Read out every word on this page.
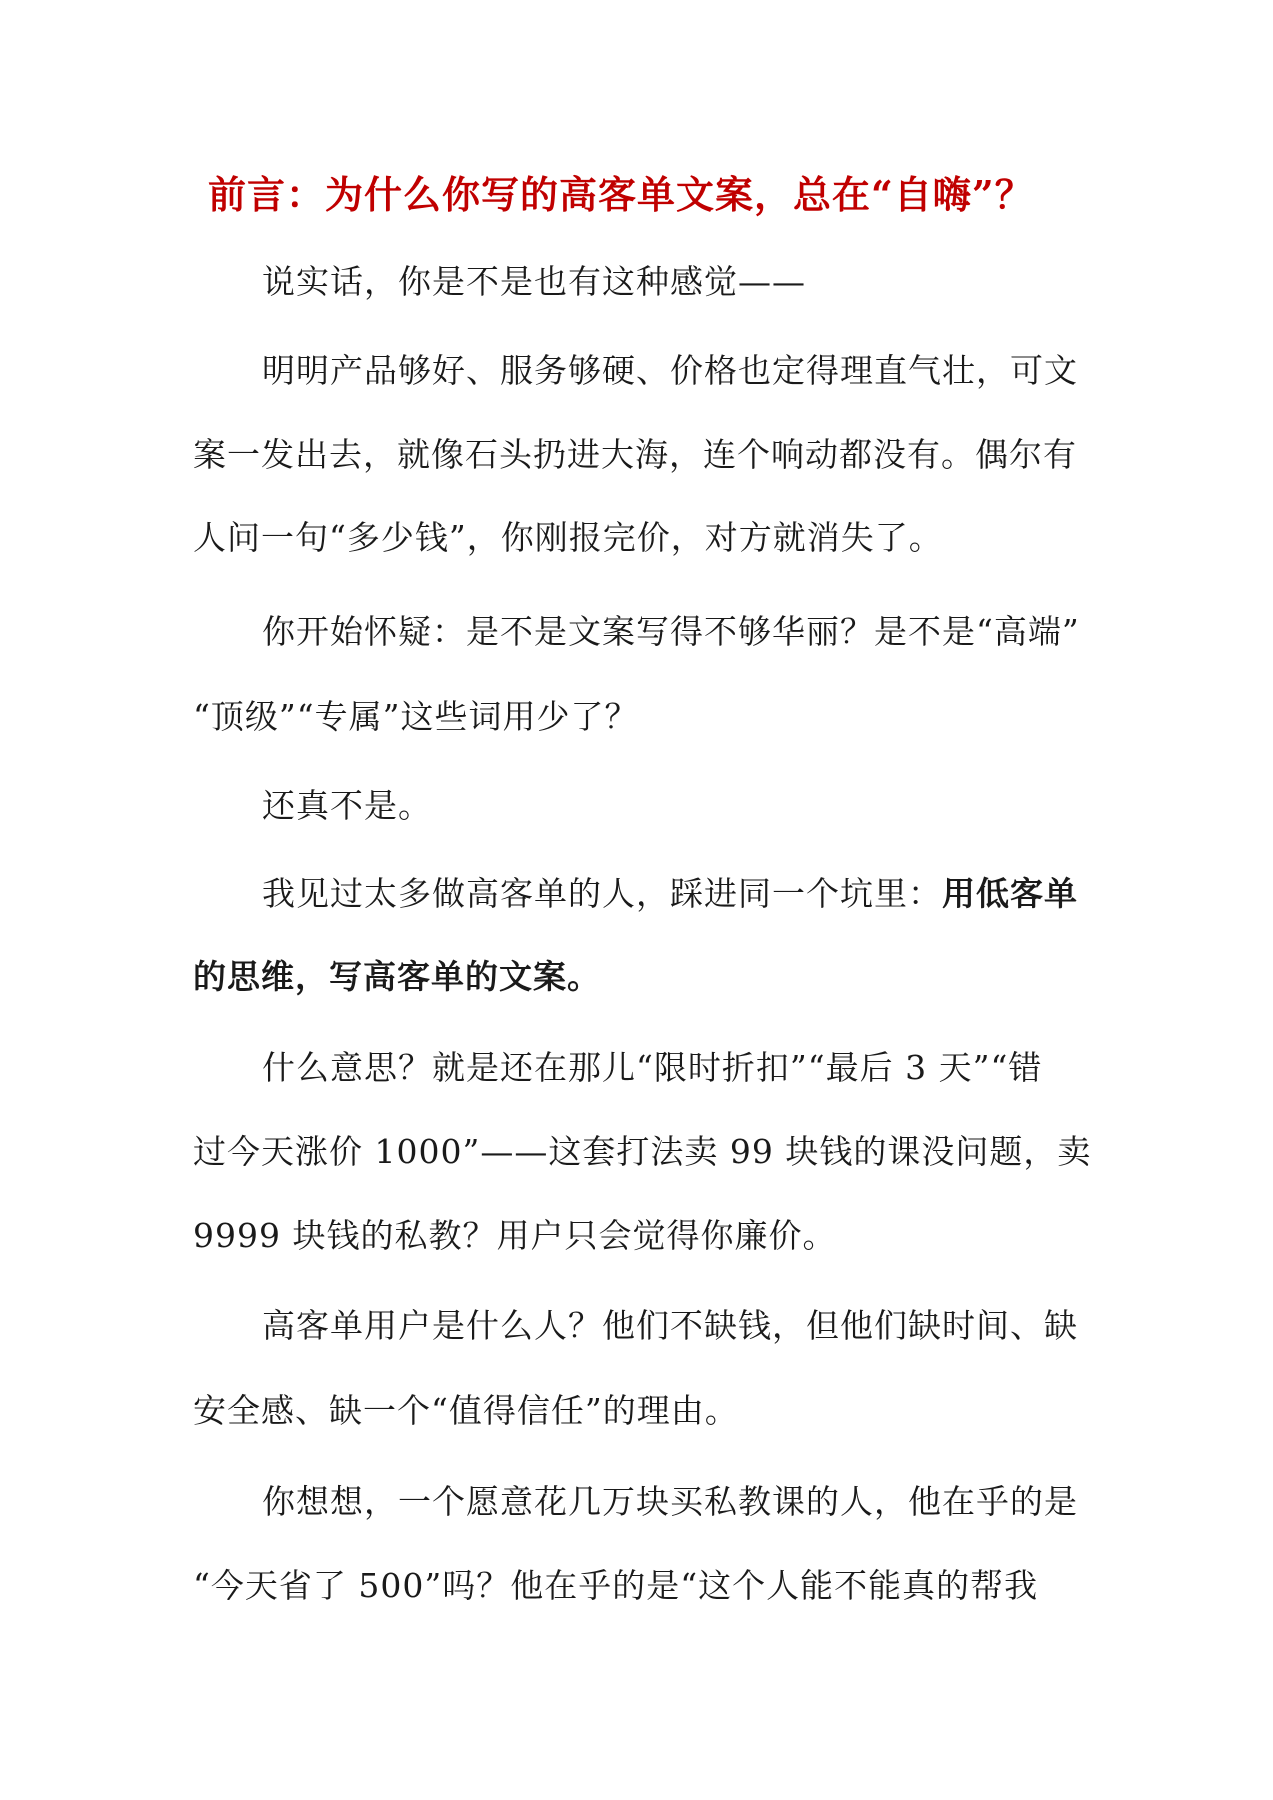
前言：为什么你写的高客单文案，总在“自嗨”？
说实话，你是不是也有这种感觉——
明明产品够好、服务够硬、价格也定得理直气壮，可文
案一发出去，就像石头扔进大海，连个响动都没有。偶尔有
人问一句“多少钱”，你刚报完价，对方就消失了。
你开始怀疑：是不是文案写得不够华丽？是不是“高端”
“顶级”“专属”这些词用少了？
还真不是。
我见过太多做高客单的人，踩进同一个坑里：用低客单
的思维，写高客单的文案。
什么意思？就是还在那儿“限时折扣”“最后 3 天”“错
过今天涨价 1000”——这套打法卖 99 块钱的课没问题，卖
9999 块钱的私教？用户只会觉得你廉价。
高客单用户是什么人？他们不缺钱，但他们缺时间、缺
安全感、缺一个“值得信任”的理由。
你想想，一个愿意花几万块买私教课的人，他在乎的是
“今天省了 500”吗？他在乎的是“这个人能不能真的帮我
